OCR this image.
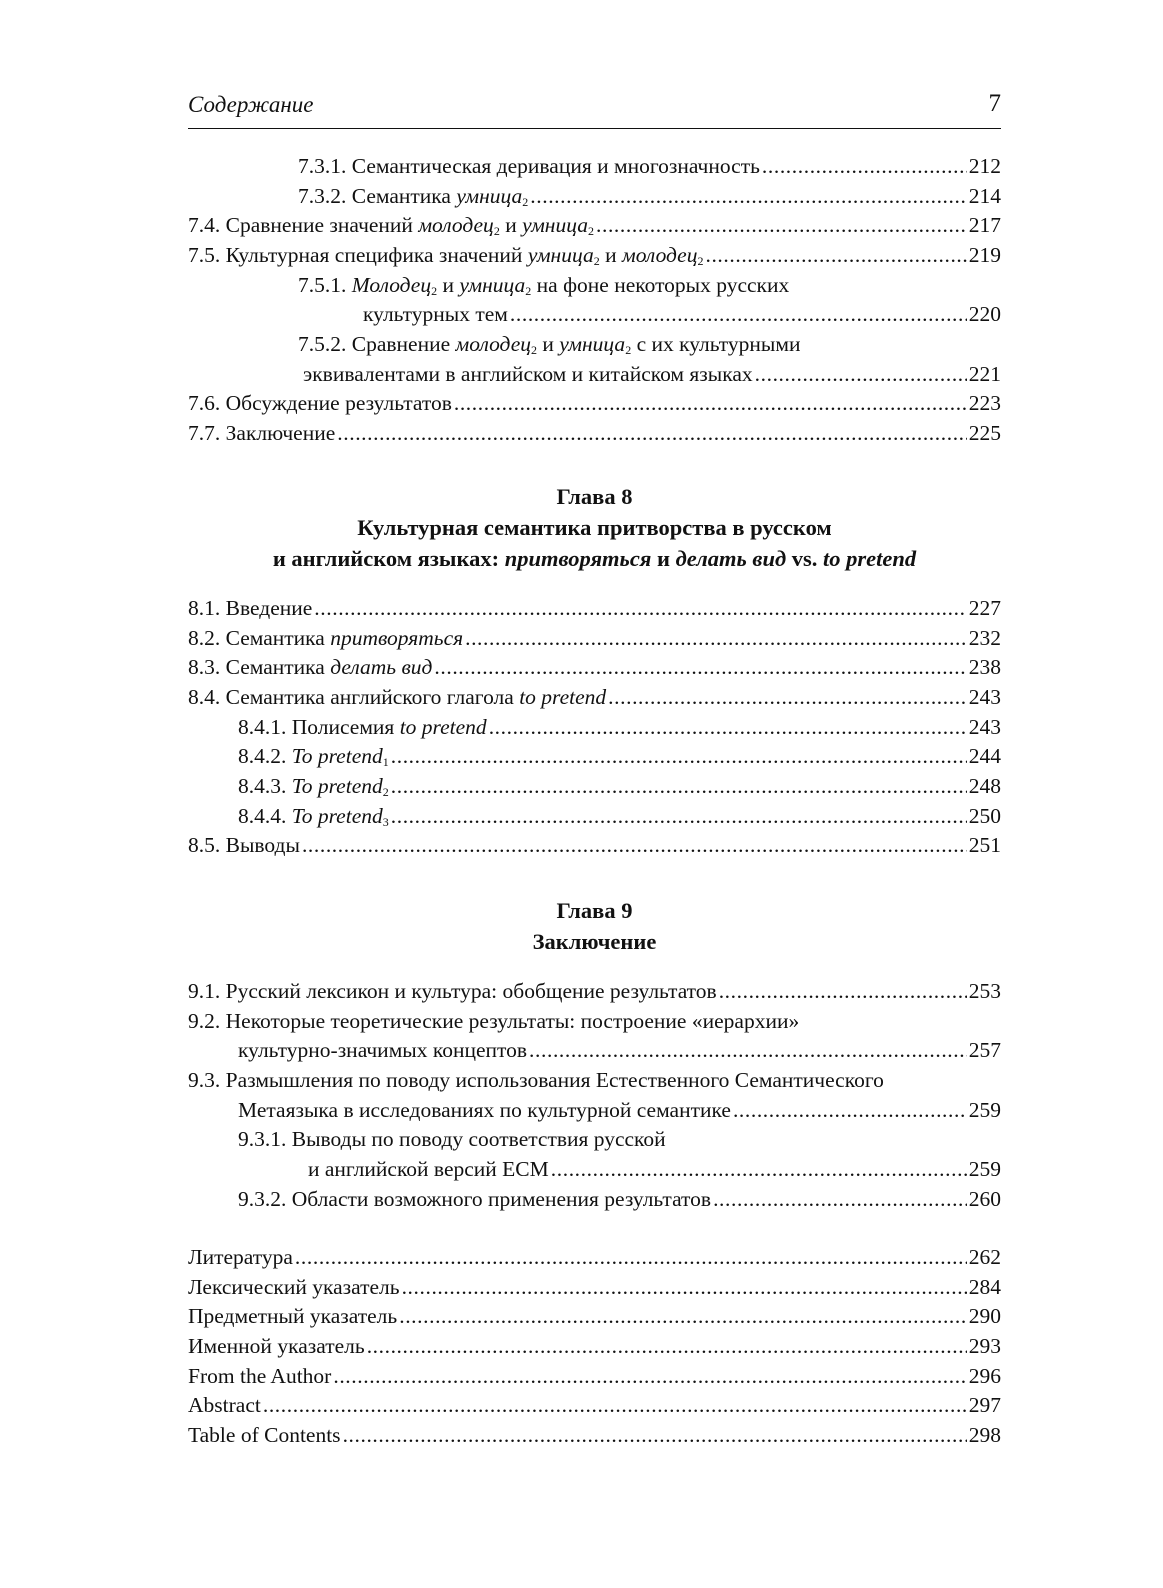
Содержание	7
7.3.1. Семантическая деривация и многозначность .....	212
7.3.2. Семантика умница$_2$ .....	214
7.4. Сравнение значений молодец$_2$ и умница$_2$ .....	217
7.5. Культурная специфика значений умница$_2$ и молодец$_2$ .....	219
7.5.1. Молодец$_2$ и умница$_2$ на фоне некоторых русских
культурных тем .....	220
7.5.2. Сравнение молодец$_2$ и умница$_2$ с их культурными
эквивалентами в английском и китайском языках .....	221
7.6. Обсуждение результатов .....	223
7.7. Заключение .....	225
Глава 8
Культурная семантика притворства в русском
и английском языках: притворяться и делать вид vs. to pretend
8.1. Введение .....	227
8.2. Семантика притворяться .....	232
8.3. Семантика делать вид .....	238
8.4. Семантика английского глагола to pretend .....	243
8.4.1. Полисемия to pretend .....	243
8.4.2. To pretend$_1$ .....	244
8.4.3. To pretend$_2$ .....	248
8.4.4. To pretend$_3$ .....	250
8.5. Выводы .....	251
Глава 9
Заключение
9.1. Русский лексикон и культура: обобщение результатов .....	253
9.2. Некоторые теоретические результаты: построение «иерархии»
культурно-значимых концептов .....	257
9.3. Размышления по поводу использования Естественного Семантического
Метаязыка в исследованиях по культурной семантике .....	259
9.3.1. Выводы по поводу соответствия русской
и английской версий ЕСМ .....	259
9.3.2. Области возможного применения результатов .....	260
Литература .....	262
Лексический указатель .....	284
Предметный указатель .....	290
Именной указатель .....	293
From the Author .....	296
Abstract .....	297
Table of Contents .....	298
